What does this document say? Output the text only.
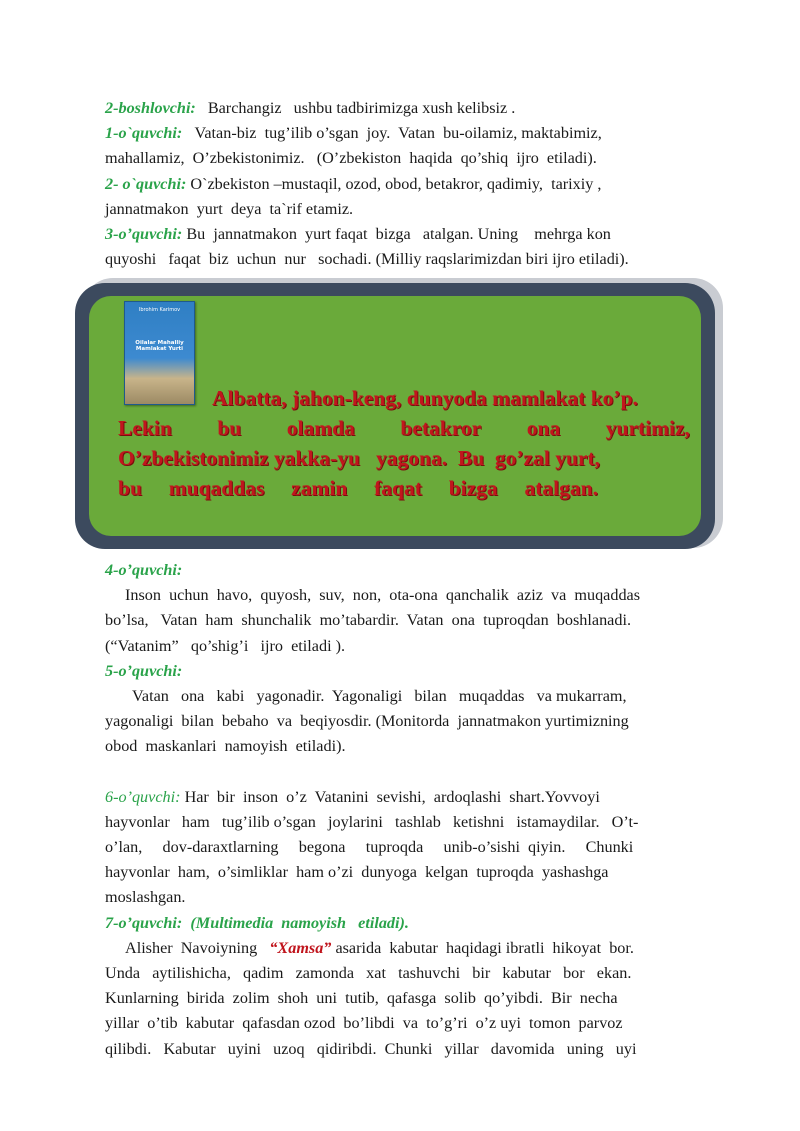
2-boshlovchi: Barchangiz   ushbu tadbirimizga xush kelibsiz .
1-o`quvchi: Vatan-biz  tug’ilib o’sgan  joy.  Vatan  bu-oilamiz, maktabimiz,
mahallamiz,  O’zbekistonimiz.   (O’zbekiston  haqida  qo’shiq  ijro  etiladi).
2- o`quvchi:
O`zbekiston –mustaqil, ozod, obod, betakror, qadimiy,  tarixiy ,
jannatmakon  yurt  deya  ta`rif etamiz.
3-o’quvchi:
Bu  jannatmakon  yurt faqat  bizga   atalgan. Uning    mehrga kon
quyoshi   faqat  biz  uchun  nur   sochadi. (Milliy raqslarimizdan biri ijro etiladi).
Ibrohim Karimov
Oilalar Mahalliy Mamlakat Yurti
Albatta, jahon-keng, dunyoda mamlakat ko’p.
Lekin bu olamda betakror ona yurtimiz,
O’zbekistonimiz yakka-yu   yagona.  Bu  go’zal yurt,
bu muqaddas zamin faqat bizga atalgan.
4-o’quvchi:
Inson  uchun  havo,  quyosh,  suv,  non,  ota-ona  qanchalik  aziz  va  muqaddas
bo’lsa,   Vatan  ham  shunchalik  mo’tabardir.  Vatan  ona  tuproqdan  boshlanadi.
(“Vatanim”   qo’shig’i   ijro  etiladi ).
5-o’quvchi:
Vatan   ona   kabi   yagonadir.  Yagonaligi   bilan   muqaddas   va mukarram,
yagonaligi  bilan  bebaho  va  beqiyosdir. (Monitorda  jannatmakon yurtimizning
obod  maskanlari  namoyish  etiladi).
6-o’quvchi:
Har  bir  inson  o’z  Vatanini  sevishi,  ardoqlashi  shart.Yovvoyi
hayvonlar   ham   tug’ilib o’sgan   joylarini   tashlab   ketishni   istamaydilar.   O’t-
o’lan,     dov-daraxtlarning     begona     tuproqda     unib-o’sishi  qiyin.     Chunki
hayvonlar  ham,  o’simliklar  ham o’zi  dunyoga  kelgan  tuproqda  yashashga
moslashgan.
7-o’quvchi:  (Multimedia  namoyish   etiladi).
Alisher  Navoiyning
“Xamsa”
asarida  kabutar  haqidagi ibratli  hikoyat  bor.
Unda   aytilishicha,   qadim   zamonda   xat   tashuvchi   bir   kabutar   bor   ekan.
Kunlarning  birida  zolim  shoh  uni  tutib,  qafasga  solib  qo’yibdi.  Bir  necha
yillar  o’tib  kabutar  qafasdan ozod  bo’libdi  va  to’g’ri  o’z uyi  tomon  parvoz
qilibdi.   Kabutar   uyini   uzoq   qidiribdi.  Chunki   yillar   davomida   uning   uyi
